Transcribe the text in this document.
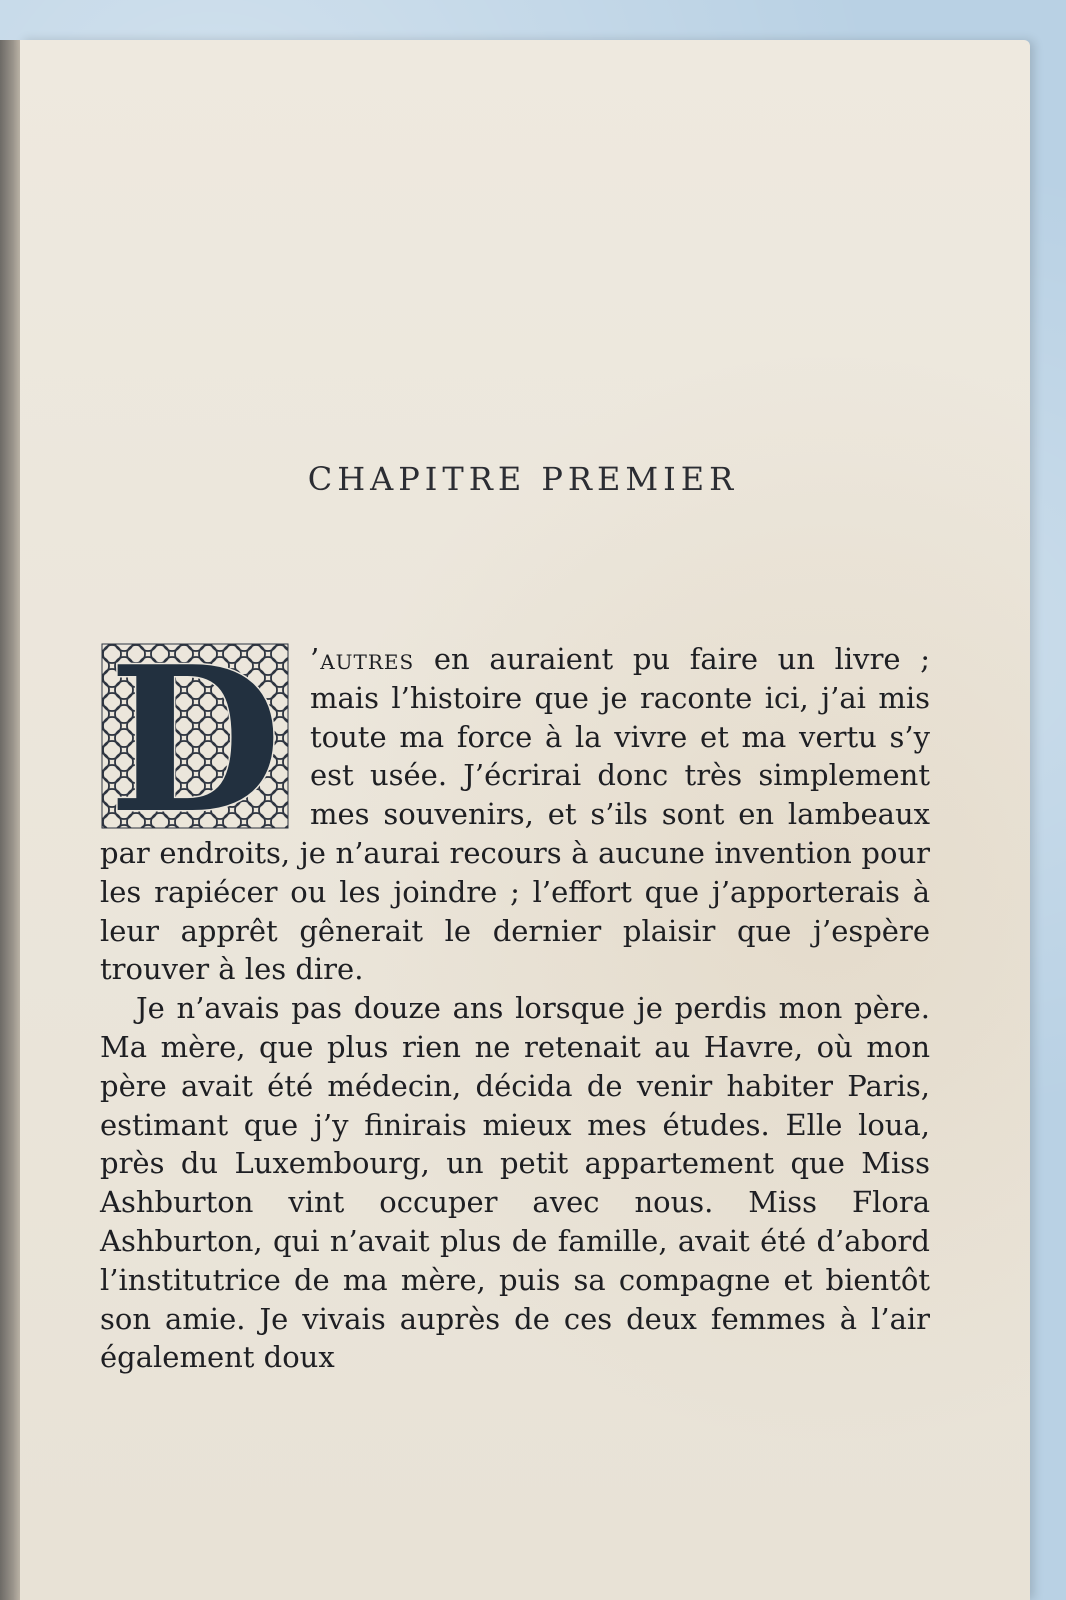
CHAPITRE PREMIER
D ’autres en auraient pu faire un livre ; mais l’histoire que je raconte ici, j’ai mis toute ma force à la vivre et ma vertu s’y est usée. J’écrirai donc très simplement mes souvenirs, et s’ils sont en lambeaux par endroits, je n’aurai recours à aucune invention pour les rapiécer ou les joindre ; l’effort que j’apporterais à leur apprêt gênerait le dernier plaisir que j’espère trouver à les dire.

Je n’avais pas douze ans lorsque je perdis mon père. Ma mère, que plus rien ne retenait au Havre, où mon père avait été médecin, décida de venir habiter Paris, estimant que j’y finirais mieux mes études. Elle loua, près du Luxembourg, un petit appartement que Miss Ashburton vint occuper avec nous. Miss Flora Ashburton, qui n’avait plus de famille, avait été d’abord l’institutrice de ma mère, puis sa compagne et bientôt son amie. Je vivais auprès de ces deux femmes à l’air également doux
